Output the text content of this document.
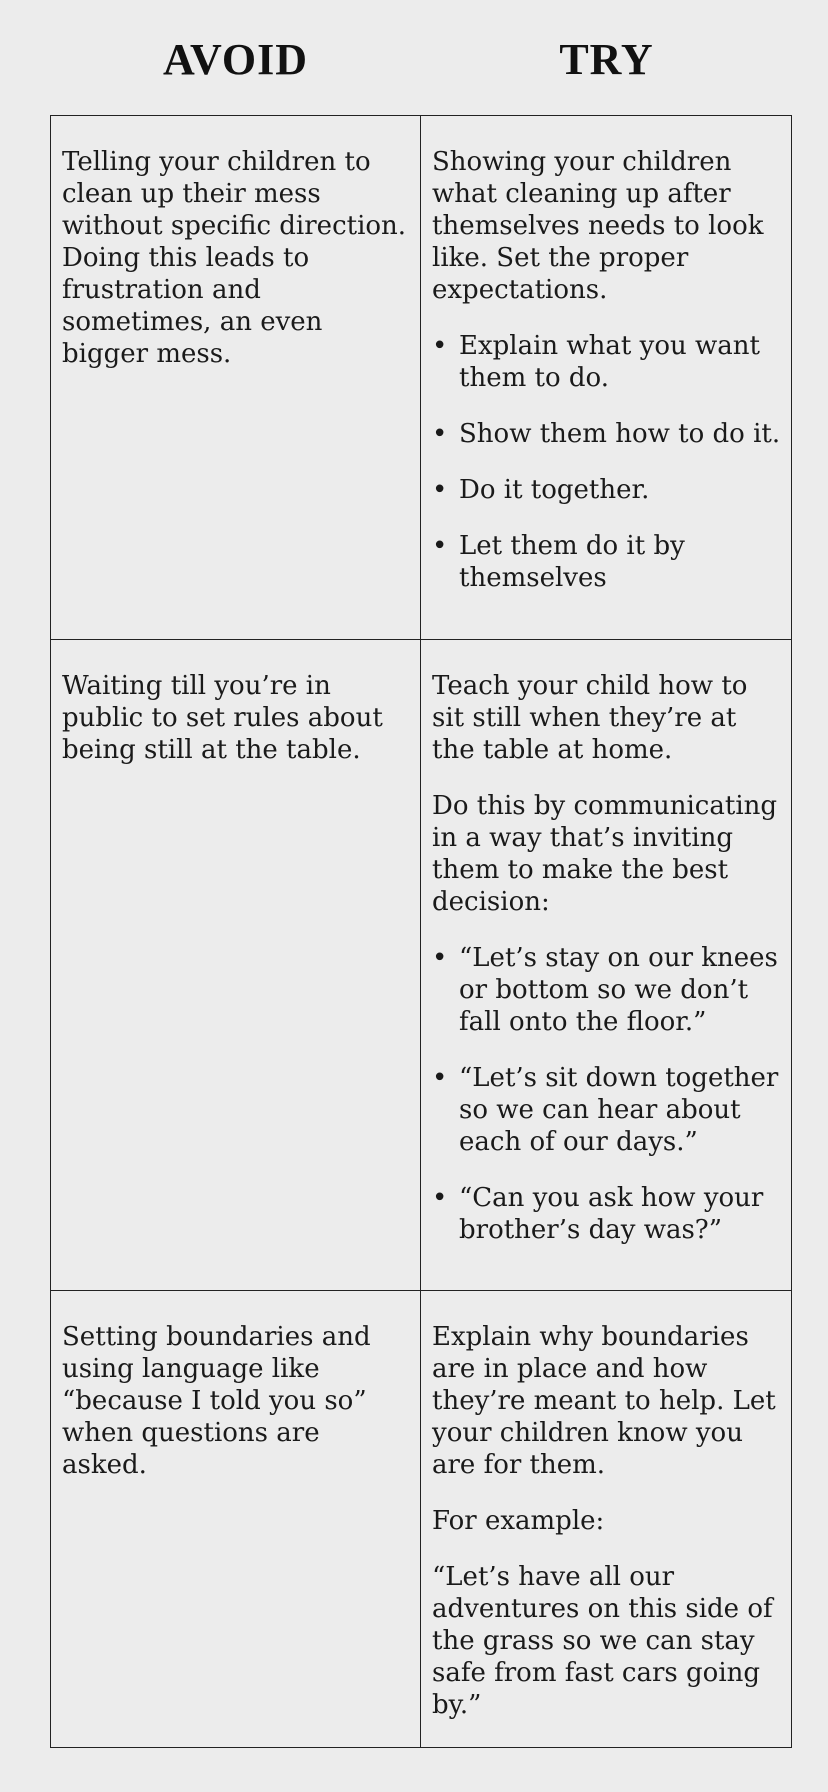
AVOID	TRY

Telling your children to clean up their mess without specific direction. Doing this leads to frustration and sometimes, an even bigger mess.

Showing your children what cleaning up after themselves needs to look like. Set the proper expectations.

• Explain what you want them to do.
• Show them how to do it.
• Do it together.
• Let them do it by themselves

Waiting till you’re in public to set rules about being still at the table.

Teach your child how to sit still when they’re at the table at home.

Do this by communicating in a way that’s inviting them to make the best decision:

• “Let’s stay on our knees or bottom so we don’t fall onto the floor.”
• “Let’s sit down together so we can hear about each of our days.”
• “Can you ask how your brother’s day was?”

Setting boundaries and using language like “because I told you so” when questions are asked.

Explain why boundaries are in place and how they’re meant to help. Let your children know you are for them.

For example:

“Let’s have all our adventures on this side of the grass so we can stay safe from fast cars going by.”
